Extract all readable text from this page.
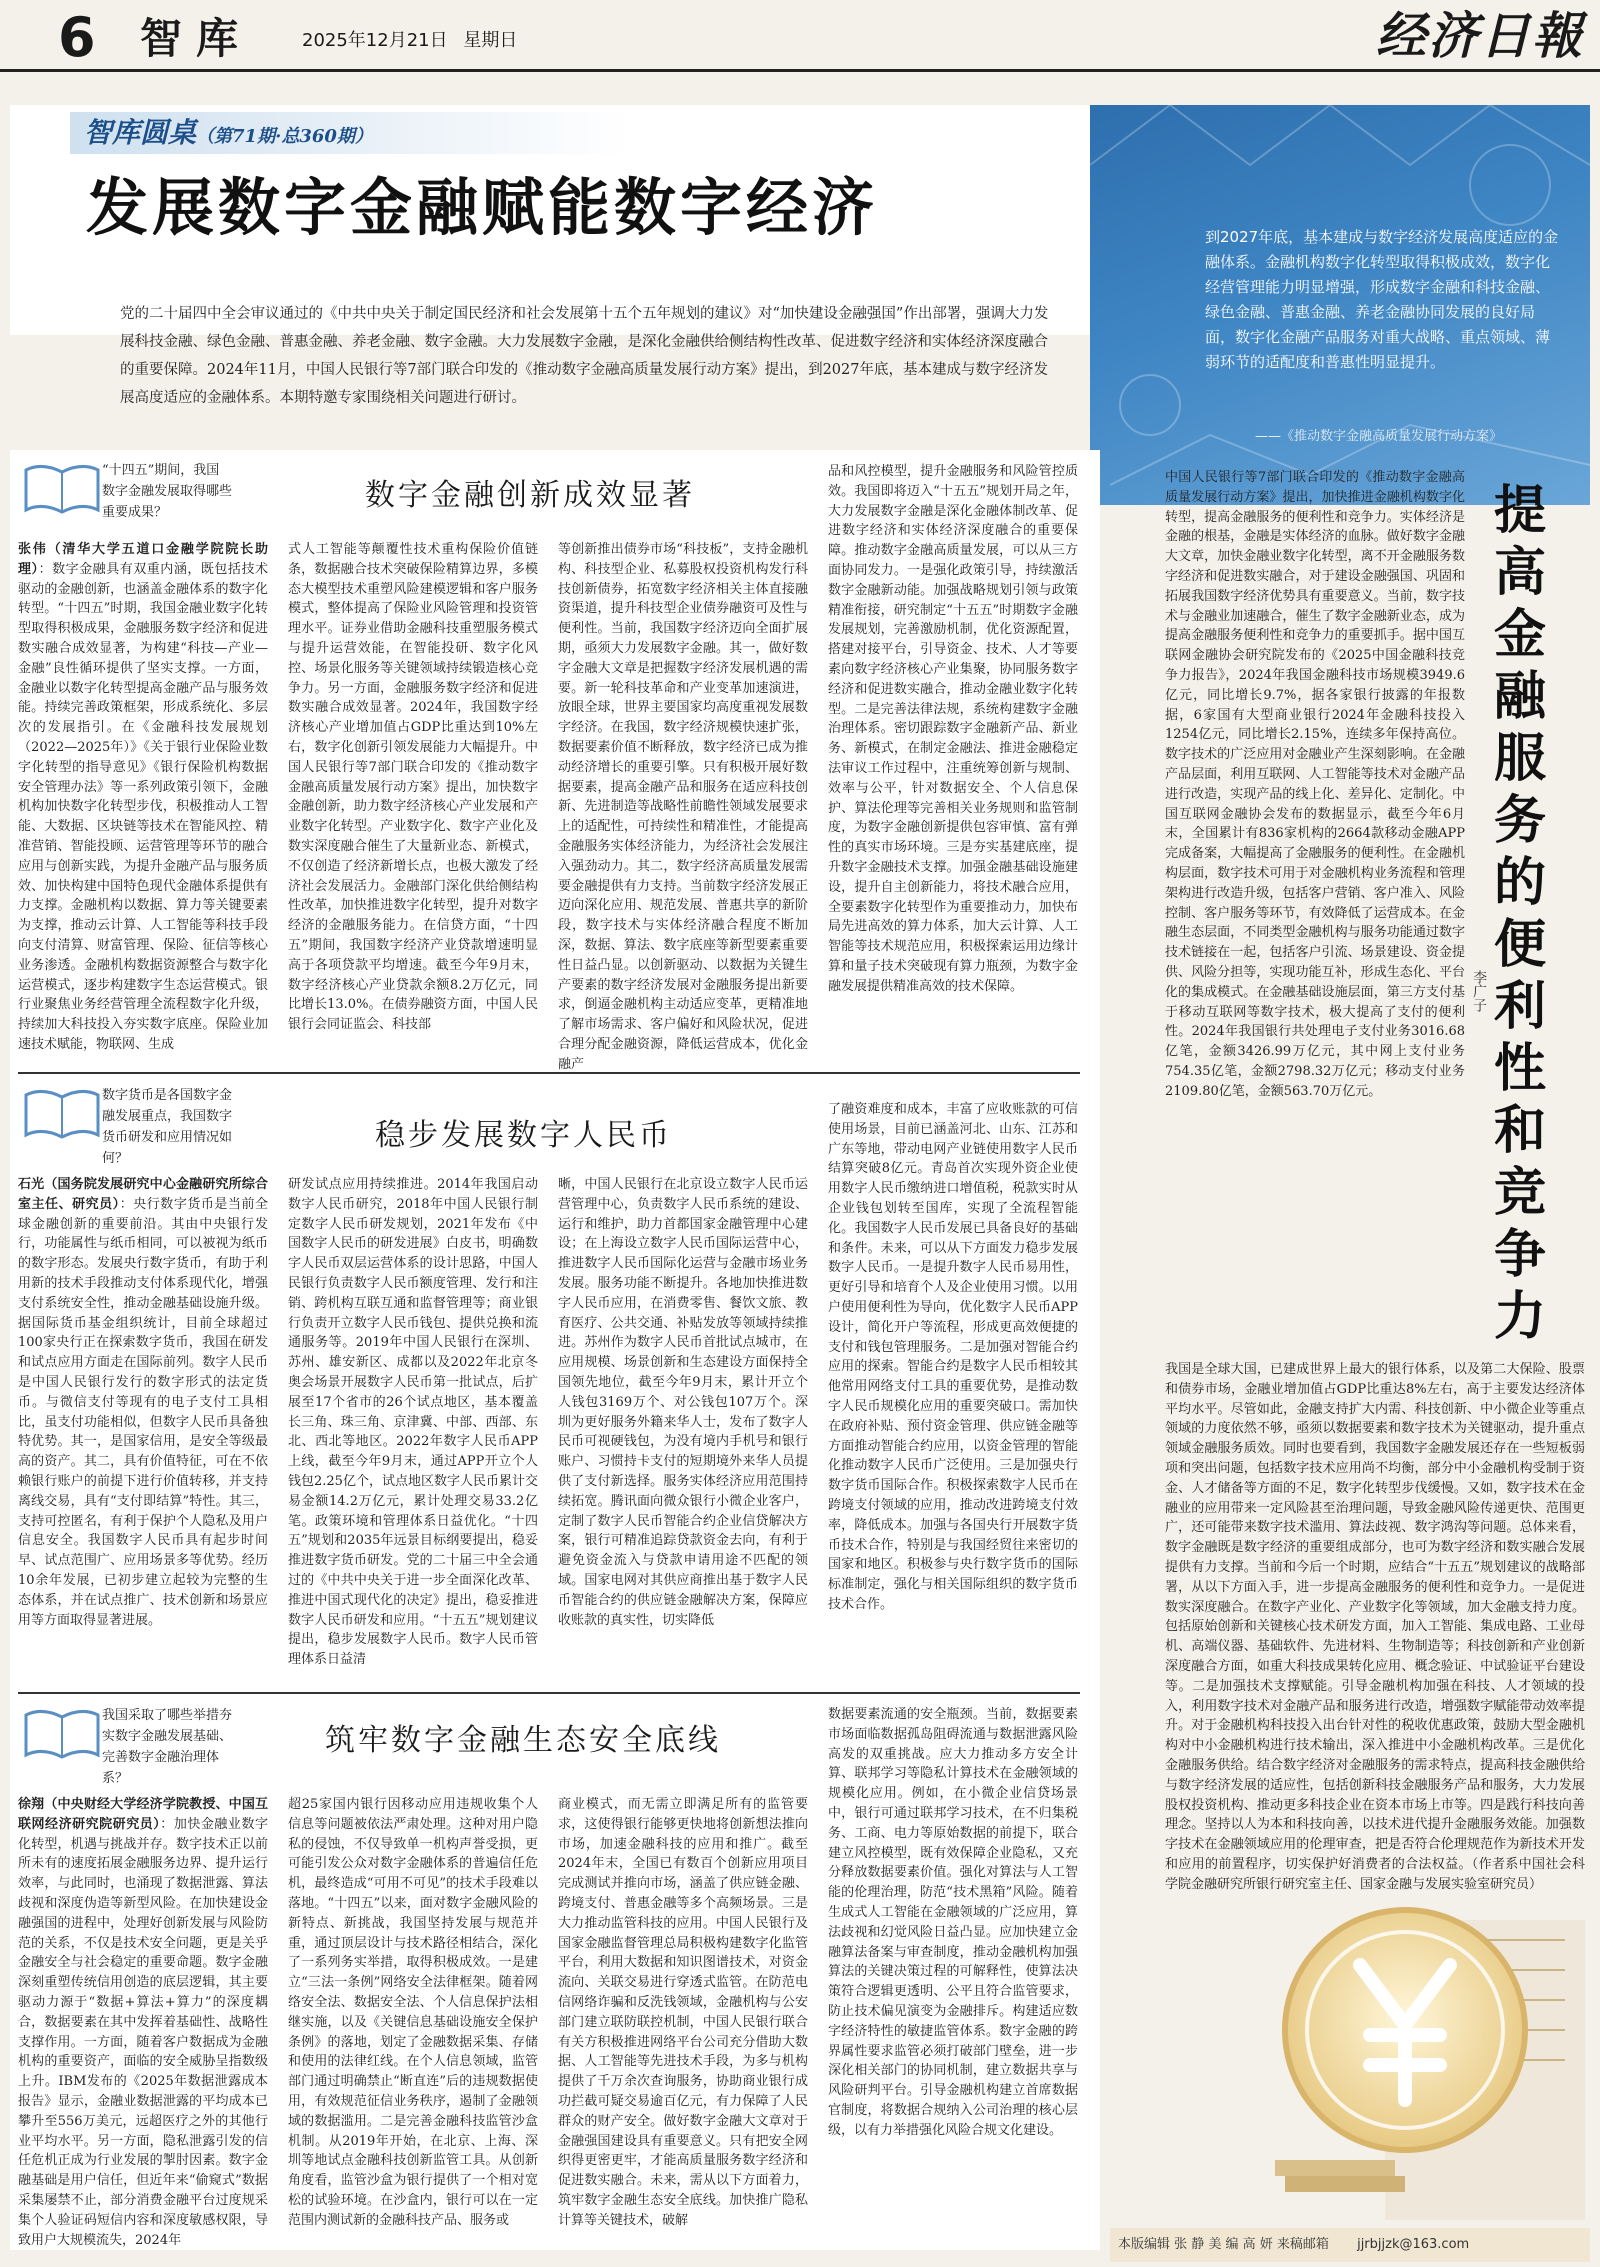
6 智库	2025年12月21日 星期日	经济日報
智库圆桌（第71期·总360期）
发展数字金融赋能数字经济
党的二十届四中全会审议通过的《中共中央关于制定国民经济和社会发展第十五个五年规划的建议》对“加快建设金融强国”作出部署，强调大力发展科技金融、绿色金融、普惠金融、养老金融、数字金融。大力发展数字金融，是深化金融供给侧结构性改革、促进数字经济和实体经济深度融合的重要保障。2024年11月，中国人民银行等7部门联合印发的《推动数字金融高质量发展行动方案》提出，到2027年底，基本建成与数字经济发展高度适应的金融体系。本期特邀专家围绕相关问题进行研讨。
到2027年底，基本建成与数字经济发展高度适应的金融体系。金融机构数字化转型取得积极成效，数字化经营管理能力明显增强，形成数字金融和科技金融、绿色金融、普惠金融、养老金融协同发展的良好局面，数字化金融产品服务对重大战略、重点领域、薄弱环节的适配度和普惠性明显提升。
——《推动数字金融高质量发展行动方案》
“十四五”期间，我国数字金融发展取得哪些重要成果？	数字金融创新成效显著
张伟（清华大学五道口金融学院院长助理）：数字金融具有双重内涵，既包括技术驱动的金融创新，也涵盖金融体系的数字化转型。“十四五”时期，我国金融业数字化转型取得积极成果，金融服务数字经济和促进数实融合成效显著，为构建“科技—产业—金融”良性循环提供了坚实支撑。一方面，金融业以数字化转型提高金融产品与服务效能。持续完善政策框架，形成系统化、多层次的发展指引。在《金融科技发展规划（2022—2025年）》《关于银行业保险业数字化转型的指导意见》《银行保险机构数据安全管理办法》等一系列政策引领下，金融机构加快数字化转型步伐，积极推动人工智能、大数据、区块链等技术在智能风控、精准营销、智能投顾、运营管理等环节的融合应用与创新实践，为提升金融产品与服务质效、加快构建中国特色现代金融体系提供有力支撑。金融机构以数据、算力等关键要素为支撑，推动云计算、人工智能等科技手段向支付清算、财富管理、保险、征信等核心业务渗透。金融机构数据资源整合与数字化运营模式，逐步构建数字生态运营模式。银行业聚焦业务经营管理全流程数字化升级，持续加大科技投入夯实数字底座。保险业加速技术赋能，物联网、生成
式人工智能等颠覆性技术重构保险价值链条，数据融合技术突破保险精算边界，多模态大模型技术重塑风险建模逻辑和客户服务模式，整体提高了保险业风险管理和投资管理水平。证券业借助金融科技重塑服务模式与提升运营效能，在智能投研、数字化风控、场景化服务等关键领域持续锻造核心竞争力。另一方面，金融服务数字经济和促进数实融合成效显著。2024年，我国数字经济核心产业增加值占GDP比重达到10%左右，数字化创新引领发展能力大幅提升。中国人民银行等7部门联合印发的《推动数字金融高质量发展行动方案》提出，加快数字金融创新，助力数字经济核心产业发展和产业数字化转型。产业数字化、数字产业化及数实深度融合催生了大量新业态、新模式，不仅创造了经济新增长点，也极大激发了经济社会发展活力。金融部门深化供给侧结构性改革，加快推进数字化转型，提升对数字经济的金融服务能力。在信贷方面，“十四五”期间，我国数字经济产业贷款增速明显高于各项贷款平均增速。截至今年9月末，数字经济核心产业贷款余额8.2万亿元，同比增长13.0%。在债券融资方面，中国人民银行会同证监会、科技部
等创新推出债券市场“科技板”，支持金融机构、科技型企业、私募股权投资机构发行科技创新债券，拓宽数字经济相关主体直接融资渠道，提升科技型企业债券融资可及性与便利性。当前，我国数字经济迈向全面扩展期，亟须大力发展数字金融。其一，做好数字金融大文章是把握数字经济发展机遇的需要。新一轮科技革命和产业变革加速演进，放眼全球，世界主要国家均高度重视发展数字经济。在我国，数字经济规模快速扩张，数据要素价值不断释放，数字经济已成为推动经济增长的重要引擎。只有积极开展好数据要素，提高金融产品和服务在适应科技创新、先进制造等战略性前瞻性领域发展要求上的适配性，可持续性和精准性，才能提高金融服务实体经济能力，为经济社会发展注入强劲动力。其二，数字经济高质量发展需要金融提供有力支持。当前数字经济发展正迈向深化应用、规范发展、普惠共享的新阶段，数字技术与实体经济融合程度不断加深，数据、算法、数字底座等新型要素重要性日益凸显。以创新驱动、以数据为关键生产要素的数字经济发展对金融服务提出新要求，倒逼金融机构主动适应变革，更精准地了解市场需求、客户偏好和风险状况，促进合理分配金融资源，降低运营成本，优化金融产
品和风控模型，提升金融服务和风险管控质效。我国即将迈入“十五五”规划开局之年，大力发展数字金融是深化金融体制改革、促进数字经济和实体经济深度融合的重要保障。推动数字金融高质量发展，可以从三方面协同发力。一是强化政策引导，持续激活数字金融新动能。加强战略规划引领与政策精准衔接，研究制定“十五五”时期数字金融发展规划，完善激励机制，优化资源配置，搭建对接平台，引导资金、技术、人才等要素向数字经济核心产业集聚，协同服务数字经济和促进数实融合，推动金融业数字化转型。二是完善法律法规，系统构建数字金融治理体系。密切跟踪数字金融新产品、新业务、新模式，在制定金融法、推进金融稳定法审议工作过程中，注重统筹创新与规制、效率与公平，针对数据安全、个人信息保护、算法伦理等完善相关业务规则和监管制度，为数字金融创新提供包容审慎、富有弹性的真实市场环境。三是夯实基建底座，提升数字金融技术支撑。加强金融基础设施建设，提升自主创新能力，将技术融合应用，全要素数字化转型作为重要推动力，加快布局先进高效的算力体系，加大云计算、人工智能等技术规范应用，积极探索运用边缘计算和量子技术突破现有算力瓶颈，为数字金融发展提供精准高效的技术保障。
数字货币是各国数字金融发展重点，我国数字货币研发和应用情况如何？
稳步发展数字人民币
石光（国务院发展研究中心金融研究所综合室主任、研究员）：央行数字货币是当前全球金融创新的重要前沿。其由中央银行发行，功能属性与纸币相同，可以被视为纸币的数字形态。发展央行数字货币，有助于利用新的技术手段推动支付体系现代化，增强支付系统安全性，推动金融基础设施升级。据国际货币基金组织统计，目前全球超过100家央行正在探索数字货币，我国在研发和试点应用方面走在国际前列。数字人民币是中国人民银行发行的数字形式的法定货币。与微信支付等现有的电子支付工具相比，虽支付功能相似，但数字人民币具备独特优势。其一，是国家信用，是安全等级最高的资产。其二，具有价值特征，可在不依赖银行账户的前提下进行价值转移，并支持离线交易，具有“支付即结算”特性。其三，支持可控匿名，有利于保护个人隐私及用户信息安全。我国数字人民币具有起步时间早、试点范围广、应用场景多等优势。经历10余年发展，已初步建立起较为完整的生态体系，并在试点推广、技术创新和场景应用等方面取得显著进展。
研发试点应用持续推进。2014年我国启动数字人民币研究，2018年中国人民银行制定数字人民币研发规划，2021年发布《中国数字人民币的研发进展》白皮书，明确数字人民币双层运营体系的设计思路，中国人民银行负责数字人民币额度管理、发行和注销、跨机构互联互通和监督管理等；商业银行负责开立数字人民币钱包、提供兑换和流通服务等。2019年中国人民银行在深圳、苏州、雄安新区、成都以及2022年北京冬奥会场景开展数字人民币第一批试点，后扩展至17个省市的26个试点地区，基本覆盖长三角、珠三角、京津冀、中部、西部、东北、西北等地区。2022年数字人民币APP上线，截至今年9月末，通过APP开立个人钱包2.25亿个，试点地区数字人民币累计交易金额14.2万亿元，累计处理交易33.2亿笔。政策环境和管理体系日益优化。“十四五”规划和2035年远景目标纲要提出，稳妥推进数字货币研发。党的二十届三中全会通过的《中共中央关于进一步全面深化改革、推进中国式现代化的决定》提出，稳妥推进数字人民币研发和应用。“十五五”规划建议提出，稳步发展数字人民币。数字人民币管理体系日益清
晰，中国人民银行在北京设立数字人民币运营管理中心，负责数字人民币系统的建设、运行和维护，助力首都国家金融管理中心建设；在上海设立数字人民币国际运营中心，推进数字人民币国际化运营与金融市场业务发展。服务功能不断提升。各地加快推进数字人民币应用，在消费零售、餐饮文旅、教育医疗、公共交通、补贴发放等领域持续推进。苏州作为数字人民币首批试点城市，在应用规模、场景创新和生态建设方面保持全国领先地位，截至今年9月末，累计开立个人钱包3169万个、对公钱包107万个。深圳为更好服务外籍来华人士，发布了数字人民币可视硬钱包，为没有境内手机号和银行账户、习惯持卡支付的短期境外来华人员提供了支付新选择。服务实体经济应用范围持续拓宽。腾讯面向微众银行小微企业客户，定制了数字人民币智能合约企业信贷解决方案，银行可精准追踪贷款资金去向，有利于避免资金流入与贷款申请用途不匹配的领域。国家电网对其供应商推出基于数字人民币智能合约的供应链金融解决方案，保障应收账款的真实性，切实降低
了融资难度和成本，丰富了应收账款的可信使用场景，目前已涵盖河北、山东、江苏和广东等地，带动电网产业链使用数字人民币结算突破8亿元。青岛首次实现外资企业使用数字人民币缴纳进口增值税，税款实时从企业钱包划转至国库，实现了全流程智能化。我国数字人民币发展已具备良好的基础和条件。未来，可以从下方面发力稳步发展数字人民币。一是提升数字人民币易用性，更好引导和培育个人及企业使用习惯。以用户使用便利性为导向，优化数字人民币APP设计，简化开户等流程，形成更高效便捷的支付和钱包管理服务。二是加强对智能合约应用的探索。智能合约是数字人民币相较其他常用网络支付工具的重要优势，是推动数字人民币规模化应用的重要突破口。需加快在政府补贴、预付资金管理、供应链金融等方面推动智能合约应用，以资金管理的智能化推动数字人民币广泛使用。三是加强央行数字货币国际合作。积极探索数字人民币在跨境支付领域的应用，推动改进跨境支付效率，降低成本。加强与各国央行开展数字货币技术合作，特别是与我国经贸往来密切的国家和地区。积极参与央行数字货币的国际标准制定，强化与相关国际组织的数字货币技术合作。
我国采取了哪些举措夯实数字金融发展基础、完善数字金融治理体系？
筑牢数字金融生态安全底线
徐翔（中央财经大学经济学院教授、中国互联网经济研究院研究员）：加快金融业数字化转型，机遇与挑战并存。数字技术正以前所未有的速度拓展金融服务边界、提升运行效率，与此同时，也涌现了数据泄露、算法歧视和深度伪造等新型风险。在加快建设金融强国的进程中，处理好创新发展与风险防范的关系，不仅是技术安全问题，更是关乎金融安全与社会稳定的重要命题。数字金融深刻重塑传统信用创造的底层逻辑，其主要驱动力源于“数据+算法+算力”的深度耦合，数据要素在其中发挥着基础性、战略性支撑作用。一方面，随着客户数据成为金融机构的重要资产，面临的安全威胁呈指数级上升。IBM发布的《2025年数据泄露成本报告》显示，金融业数据泄露的平均成本已攀升至556万美元，远超医疗之外的其他行业平均水平。另一方面，隐私泄露引发的信任危机正成为行业发展的掣肘因素。数字金融基础是用户信任，但近年来“偷窥式”数据采集屡禁不止，部分消费金融平台过度规采集个人验证码短信内容和深度敏感权限，导致用户大规模流失，2024年
超25家国内银行因移动应用违规收集个人信息等问题被依法严肃处理。这种对用户隐私的侵蚀，不仅导致单一机构声誉受损，更可能引发公众对数字金融体系的普遍信任危机，最终造成“可用不可见”的技术手段难以落地。“十四五”以来，面对数字金融风险的新特点、新挑战，我国坚持发展与规范并重，通过顶层设计与技术路径相结合，深化了一系列务实举措，取得积极成效。一是建立“三法一条例”网络安全法律框架。随着网络安全法、数据安全法、个人信息保护法相继实施，以及《关键信息基础设施安全保护条例》的落地，划定了金融数据采集、存储和使用的法律红线。在个人信息领域，监管部门通过明确禁止“断直连”后的违规数据使用，有效规范征信业务秩序，遏制了金融领域的数据滥用。二是完善金融科技监管沙盒机制。从2019年开始，在北京、上海、深圳等地试点金融科技创新监管工具。从创新角度看，监管沙盒为银行提供了一个相对宽松的试验环境。在沙盒内，银行可以在一定范围内测试新的金融科技产品、服务或
商业模式，而无需立即满足所有的监管要求，这使得银行能够更快地将创新想法推向市场，加速金融科技的应用和推广。截至2024年末，全国已有数百个创新应用项目完成测试并推向市场，涵盖了供应链金融、跨境支付、普惠金融等多个高频场景。三是大力推动监管科技的应用。中国人民银行及国家金融监督管理总局积极构建数字化监管平台，利用大数据和知识图谱技术，对资金流向、关联交易进行穿透式监管。在防范电信网络诈骗和反洗钱领域，金融机构与公安部门建立联防联控机制，中国人民银行联合有关方积极推进网络平台公司充分借助大数据、人工智能等先进技术手段，为多与机构提供了千万余次查询服务，协助商业银行成功拦截可疑交易逾百亿元，有力保障了人民群众的财产安全。做好数字金融大文章对于金融强国建设具有重要意义。只有把安全网织得更密更牢，才能高质量服务数字经济和促进数实融合。未来，需从以下方面着力，筑牢数字金融生态安全底线。加快推广隐私计算等关键技术，破解
数据要素流通的安全瓶颈。当前，数据要素市场面临数据孤岛阻碍流通与数据泄露风险高发的双重挑战。应大力推动多方安全计算、联邦学习等隐私计算技术在金融领域的规模化应用。例如，在小微企业信贷场景中，银行可通过联邦学习技术，在不归集税务、工商、电力等原始数据的前提下，联合建立风控模型，既有效保障企业隐私，又充分释放数据要素价值。强化对算法与人工智能的伦理治理，防范“技术黑箱”风险。随着生成式人工智能在金融领域的广泛应用，算法歧视和幻觉风险日益凸显。应加快建立金融算法备案与审查制度，推动金融机构加强算法的关键决策过程的可解释性，使算法决策符合逻辑更透明、公平且符合监管要求，防止技术偏见演变为金融排斥。构建适应数字经济特性的敏捷监管体系。数字金融的跨界属性要求监管必须打破部门壁垒，进一步深化相关部门的协同机制，建立数据共享与风险研判平台。引导金融机构建立首席数据官制度，将数据合规纳入公司治理的核心层级，以有力举措强化风险合规文化建设。
提高金融服务的便利性和竞争力
李广子
中国人民银行等7部门联合印发的《推动数字金融高质量发展行动方案》提出，加快推进金融机构数字化转型，提高金融服务的便利性和竞争力。实体经济是金融的根基，金融是实体经济的血脉。做好数字金融大文章，加快金融业数字化转型，离不开金融服务数字经济和促进数实融合，对于建设金融强国、巩固和拓展我国数字经济优势具有重要意义。当前，数字技术与金融业加速融合，催生了数字金融新业态，成为提高金融服务便利性和竞争力的重要抓手。据中国互联网金融协会研究院发布的《2025中国金融科技竞争力报告》，2024年我国金融科技市场规模3949.6亿元，同比增长9.7%，据各家银行披露的年报数据，6家国有大型商业银行2024年金融科技投入1254亿元，同比增长2.15%，连续多年保持高位。数字技术的广泛应用对金融业产生深刻影响。在金融产品层面，利用互联网、人工智能等技术对金融产品进行改造，实现产品的线上化、差异化、定制化。中国互联网金融协会发布的数据显示，截至今年6月末，全国累计有836家机构的2664款移动金融APP完成备案，大幅提高了金融服务的便利性。在金融机构层面，数字技术可用于对金融机构业务流程和管理架构进行改造升级，包括客户营销、客户准入、风险控制、客户服务等环节，有效降低了运营成本。在金融生态层面，不同类型金融机构与服务功能通过数字技术链接在一起，包括客户引流、场景建设、资金提供、风险分担等，实现功能互补，形成生态化、平台化的集成模式。在金融基础设施层面，第三方支付基于移动互联网等数字技术，极大提高了支付的便利性。2024年我国银行共处理电子支付业务3016.68亿笔，金额3426.99万亿元，其中网上支付业务754.35亿笔，金额2798.32万亿元；移动支付业务2109.80亿笔，金额563.70万亿元。
我国是全球大国，已建成世界上最大的银行体系，以及第二大保险、股票和债券市场，金融业增加值占GDP比重达8%左右，高于主要发达经济体平均水平。尽管如此，金融支持扩大内需、科技创新、中小微企业等重点领域的力度依然不够，亟须以数据要素和数字技术为关键驱动，提升重点领域金融服务质效。同时也要看到，我国数字金融发展还存在一些短板弱项和突出问题，包括数字技术应用尚不均衡，部分中小金融机构受制于资金、人才储备等方面的不足，数字化转型步伐缓慢。又如，数字技术在金融业的应用带来一定风险甚至治理问题，导致金融风险传递更快、范围更广，还可能带来数字技术滥用、算法歧视、数字鸿沟等问题。总体来看，数字金融既是数字经济的重要组成部分，也可为数字经济和数实融合发展提供有力支撑。当前和今后一个时期，应结合“十五五”规划建议的战略部署，从以下方面入手，进一步提高金融服务的便利性和竞争力。一是促进数实深度融合。在数字产业化、产业数字化等领域，加大金融支持力度。包括原始创新和关键核心技术研发方面，加入工智能、集成电路、工业母机、高端仪器、基础软件、先进材料、生物制造等；科技创新和产业创新深度融合方面，如重大科技成果转化应用、概念验证、中试验证平台建设等。二是加强技术支撑赋能。引导金融机构加强在科技、人才领域的投入，利用数字技术对金融产品和服务进行改造，增强数字赋能带动效率提升。对于金融机构科技投入出台针对性的税收优惠政策，鼓励大型金融机构对中小金融机构进行技术输出，深入推进中小金融机构改革。三是优化金融服务供给。结合数字经济对金融服务的需求特点，提高科技金融供给与数字经济发展的适应性，包括创新科技金融服务产品和服务，大力发展股权投资机构、推动更多科技企业在资本市场上市等。四是践行科技向善理念。坚持以人为本和科技向善，以技术进代提升金融服务效能。加强数字技术在金融领域应用的伦理审查，把是否符合伦理规范作为新技术开发和应用的前置程序，切实保护好消费者的合法权益。（作者系中国社会科学院金融研究所银行研究室主任、国家金融与发展实验室研究员）
本版编辑 张 静 美 编 高 妍 来稿邮箱 jjrbjjzk@163.com
